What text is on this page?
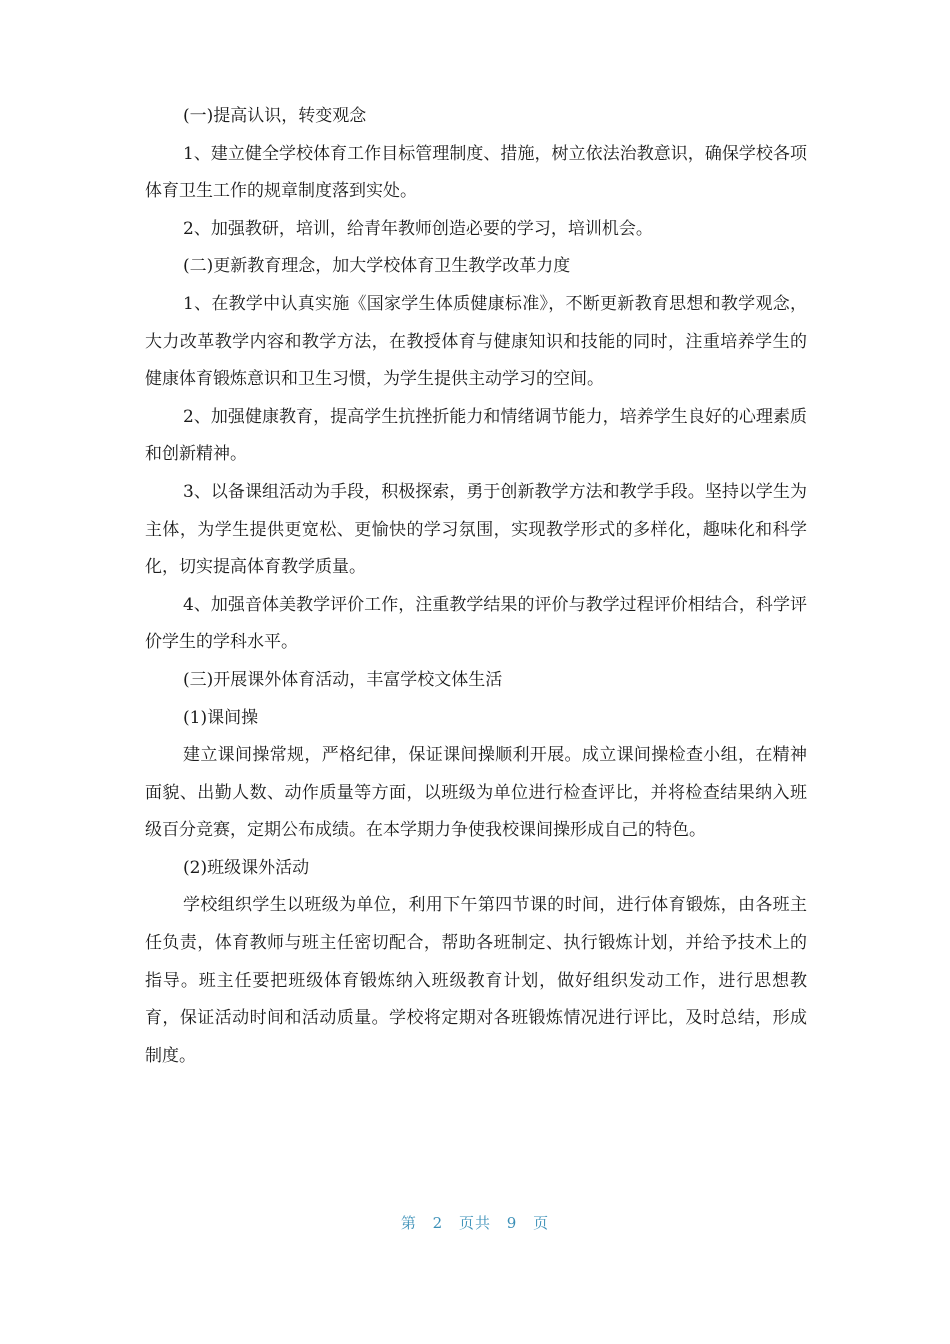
(一)提高认识，转变观念

1、建立健全学校体育工作目标管理制度、措施，树立依法治教意识，确保学校各项体育卫生工作的规章制度落到实处。

2、加强教研，培训，给青年教师创造必要的学习，培训机会。

(二)更新教育理念，加大学校体育卫生教学改革力度

1、在教学中认真实施《国家学生体质健康标准》，不断更新教育思想和教学观念，大力改革教学内容和教学方法，在教授体育与健康知识和技能的同时，注重培养学生的健康体育锻炼意识和卫生习惯，为学生提供主动学习的空间。

2、加强健康教育，提高学生抗挫折能力和情绪调节能力，培养学生良好的心理素质和创新精神。

3、以备课组活动为手段，积极探索，勇于创新教学方法和教学手段。坚持以学生为主体，为学生提供更宽松、更愉快的学习氛围，实现教学形式的多样化，趣味化和科学化，切实提高体育教学质量。

4、加强音体美教学评价工作，注重教学结果的评价与教学过程评价相结合，科学评价学生的学科水平。

(三)开展课外体育活动，丰富学校文体生活

(1)课间操

建立课间操常规，严格纪律，保证课间操顺利开展。成立课间操检查小组，在精神面貌、出勤人数、动作质量等方面，以班级为单位进行检查评比，并将检查结果纳入班级百分竞赛，定期公布成绩。在本学期力争使我校课间操形成自己的特色。

(2)班级课外活动

学校组织学生以班级为单位，利用下午第四节课的时间，进行体育锻炼，由各班主任负责，体育教师与班主任密切配合，帮助各班制定、执行锻炼计划，并给予技术上的指导。班主任要把班级体育锻炼纳入班级教育计划，做好组织发动工作，进行思想教育，保证活动时间和活动质量。学校将定期对各班锻炼情况进行评比，及时总结，形成制度。

第 2 页共 9 页
